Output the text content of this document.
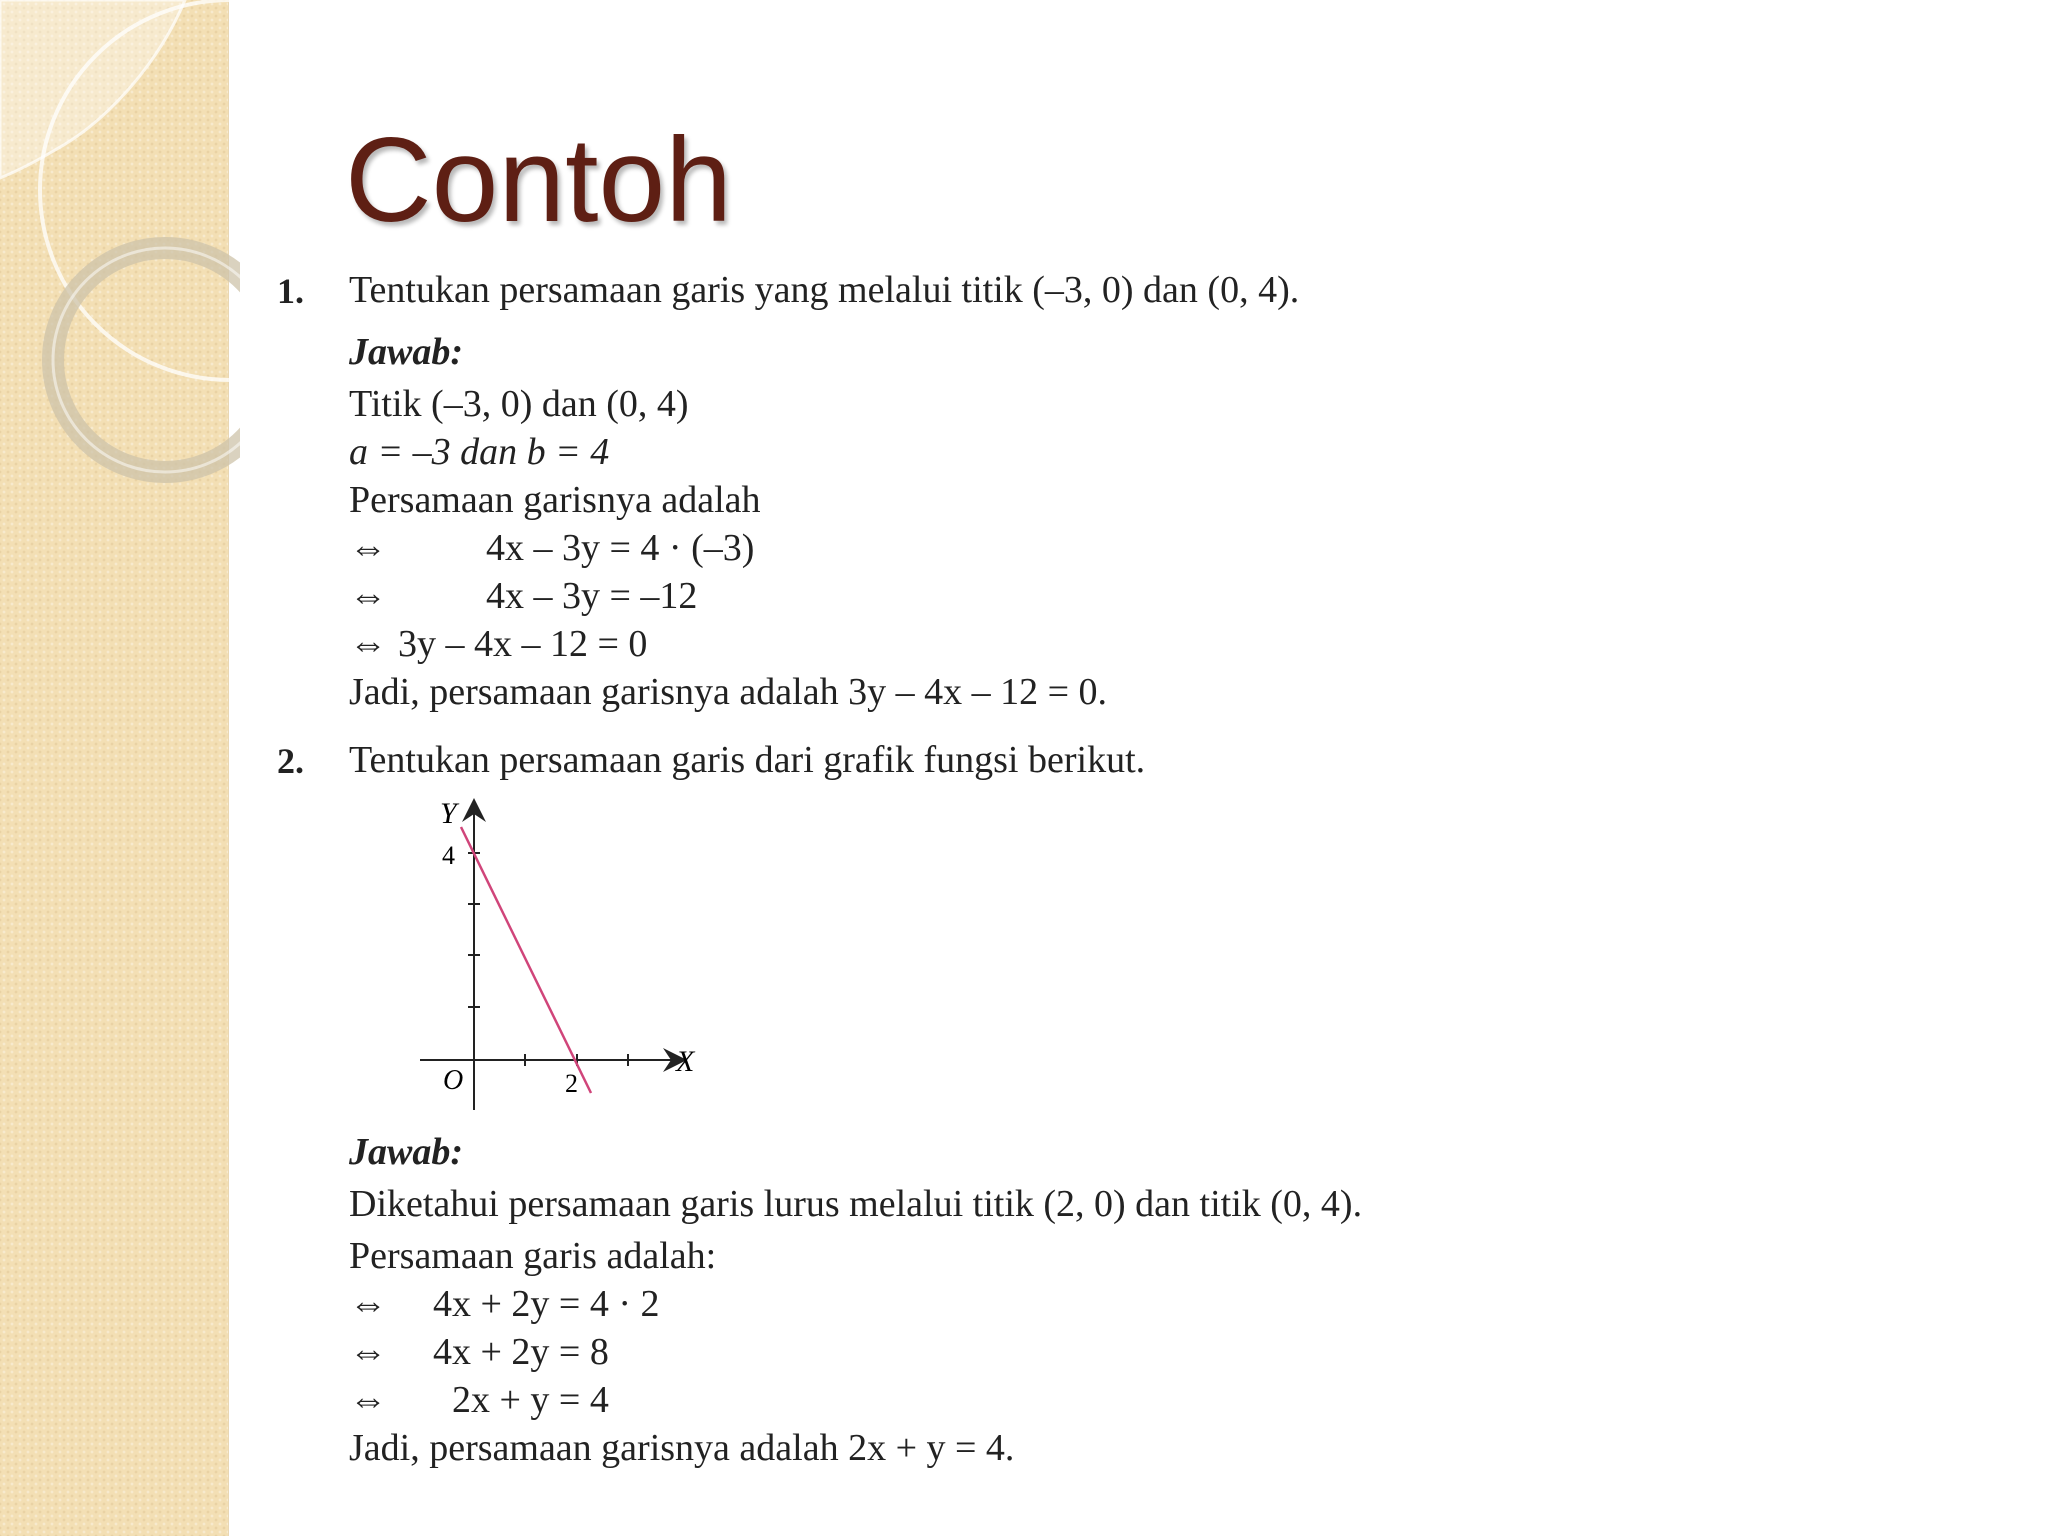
Contoh
1. Tentukan persamaan garis yang melalui titik (–3, 0) dan (0, 4).
Jawab:
Titik (–3, 0) dan (0, 4)
a = –3 dan b = 4
Persamaan garisnya adalah
⇔	4x – 3y = 4 · (–3)
⇔	4x – 3y = –12
⇔ 3y – 4x – 12 = 0
Jadi, persamaan garisnya adalah 3y – 4x – 12 = 0.
2. Tentukan persamaan garis dari grafik fungsi berikut.
Y
X
O
4
2
Jawab:
Diketahui persamaan garis lurus melalui titik (2, 0) dan titik (0, 4).
Persamaan garis adalah:
⇔ 4x + 2y = 4 · 2
⇔ 4x + 2y = 8
⇔ 2x + y = 4
Jadi, persamaan garisnya adalah 2x + y = 4.
